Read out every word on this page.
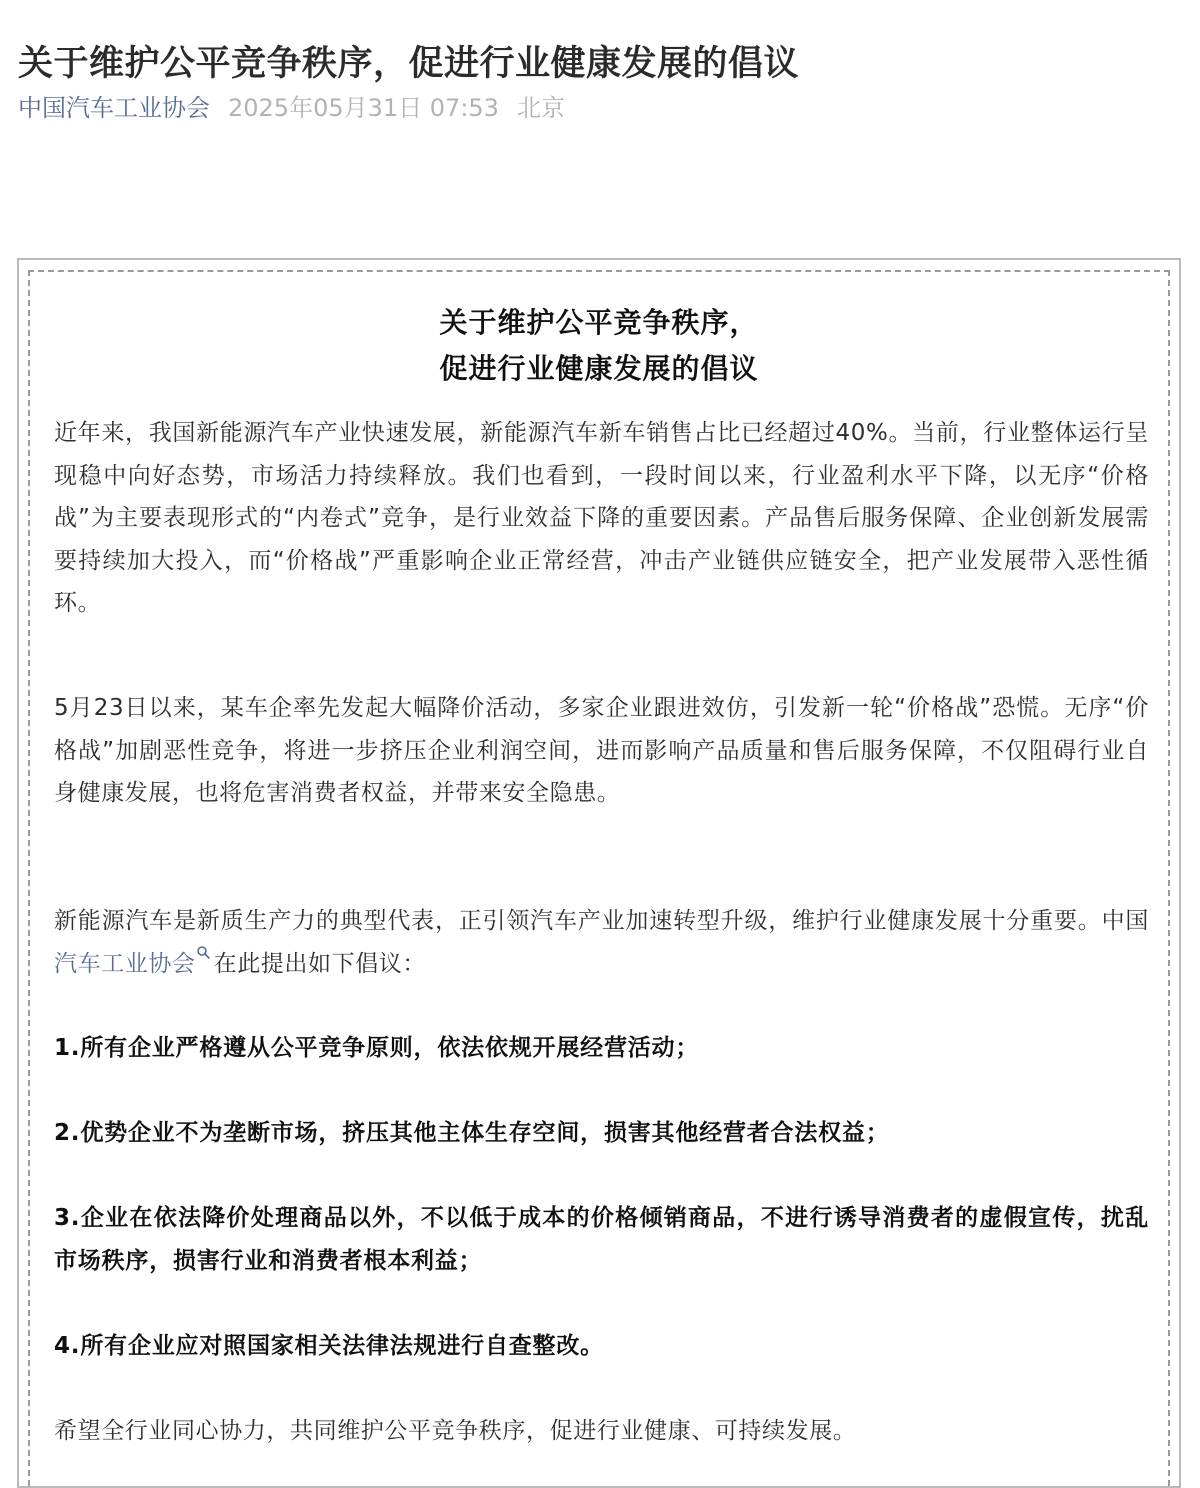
关于维护公平竞争秩序，促进行业健康发展的倡议
中国汽车工业协会 2025年05月31日 07:53 北京
关于维护公平竞争秩序，
促进行业健康发展的倡议

近年来，我国新能源汽车产业快速发展，新能源汽车新车销售占比已经超过40%。当前，行业整体运行呈现稳中向好态势，市场活力持续释放。我们也看到，一段时间以来，行业盈利水平下降，以无序“价格战”为主要表现形式的“内卷式”竞争，是行业效益下降的重要因素。产品售后服务保障、企业创新发展需要持续加大投入，而“价格战”严重影响企业正常经营，冲击产业链供应链安全，把产业发展带入恶性循环。

5月23日以来，某车企率先发起大幅降价活动，多家企业跟进效仿，引发新一轮“价格战”恐慌。无序“价格战”加剧恶性竞争，将进一步挤压企业利润空间，进而影响产品质量和售后服务保障，不仅阻碍行业自身健康发展，也将危害消费者权益，并带来安全隐患。

新能源汽车是新质生产力的典型代表，正引领汽车产业加速转型升级，维护行业健康发展十分重要。中国汽车工业协会 在此提出如下倡议：

1.所有企业严格遵从公平竞争原则，依法依规开展经营活动；

2.优势企业不为垄断市场，挤压其他主体生存空间，损害其他经营者合法权益；

3.企业在依法降价处理商品以外，不以低于成本的价格倾销商品，不进行诱导消费者的虚假宣传，扰乱市场秩序，损害行业和消费者根本利益；

4.所有企业应对照国家相关法律法规进行自查整改。

希望全行业同心协力，共同维护公平竞争秩序，促进行业健康、可持续发展。
